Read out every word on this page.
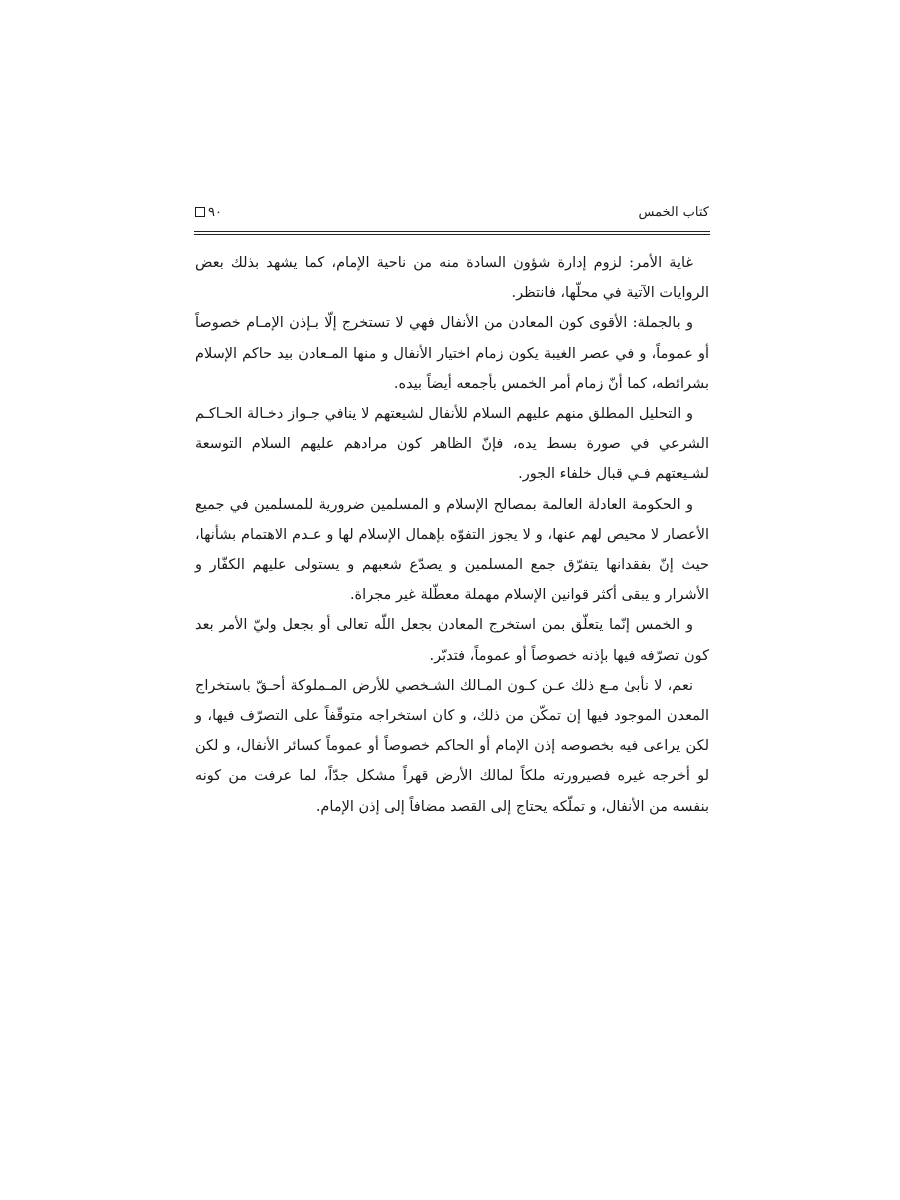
كتاب الخمس
٩٠

غاية الأمر: لزوم إدارة شؤون السادة منه من ناحية الإمام، كما يشهد بذلك بعض الروايات الآتية في محلّها، فانتظر.

و بالجملة: الأقوى كون المعادن من الأنفال فهي لا تستخرج إلّا بـإذن الإمـام خصوصاً أو عموماً، و في عصر الغيبة يكون زمام اختيار الأنفال و منها المـعادن بيد حاكم الإسلام بشرائطه، كما أنّ زمام أمر الخمس بأجمعه أيضاً بيده.

و التحليل المطلق منهم عليهم السلام للأنفال لشيعتهم لا ينافي جـواز دخـالة الحـاكـم الشرعي في صورة بسط يده، فإنّ الظاهر كون مرادهم عليهم السلام التوسعة لشـيعتهم فـي قبال خلفاء الجور.

و الحكومة العادلة العالمة بمصالح الإسلام و المسلمين ضرورية للمسلمين في جميع الأعصار لا محيص لهم عنها، و لا يجوز التفوّه بإهمال الإسلام لها و عـدم الاهتمام بشأنها، حيث إنّ بفقدانها يتفرّق جمع المسلمين و يصدّع شعبهم و يستولى عليهم الكفّار و الأشرار و يبقى أكثر قوانين الإسلام مهملة معطّلة غير مجراة.

و الخمس إنّما يتعلّق بمن استخرج المعادن بجعل اللّه تعالى أو بجعل وليّ الأمر بعد كون تصرّفه فيها بإذنه خصوصاً أو عموماً، فتدبّر.

نعم، لا نأبىٰ مـع ذلك عـن كـون المـالك الشـخصي للأرض المـملوكة أحـقّ باستخراج المعدن الموجود فيها إن تمكّن من ذلك، و كان استخراجه متوقّفاً على التصرّف فيها، و لكن يراعى فيه بخصوصه إذن الإمام أو الحاكم خصوصاً أو عموماً كسائر الأنفال، و لكن لو أخرجه غيره فصيرورته ملكاً لمالك الأرض قهراً مشكل جدّاً، لما عرفت من كونه بنفسه من الأنفال، و تملّكه يحتاج إلى القصد مضافاً إلى إذن الإمام.
